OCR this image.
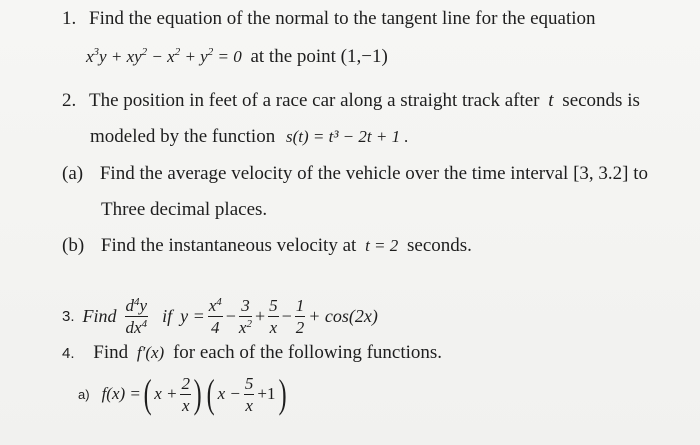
1. Find the equation of the normal to the tangent line for the equation
$x^3y + xy^2 - x^2 + y^2 = 0$ at the point (1,−1)
2. The position in feet of a race car along a straight track after t seconds is
modeled by the function s(t) = t³ − 2t + 1 .
(a) Find the average velocity of the vehicle over the time interval [3, 3.2] to
Three decimal places.
(b) Find the instantaneous velocity at t = 2 seconds.
3. Find $\frac{d^4y}{dx^4}$ if $y = \frac{x^4}{4} - \frac{3}{x^2} + \frac{5}{x} - \frac{1}{2} + \cos(2x)$
4. Find f′(x) for each of the following functions.
a) f(x) = ( $x + \frac{2}{x}$ ) ( $x - \frac{5}{x} +1$ )
